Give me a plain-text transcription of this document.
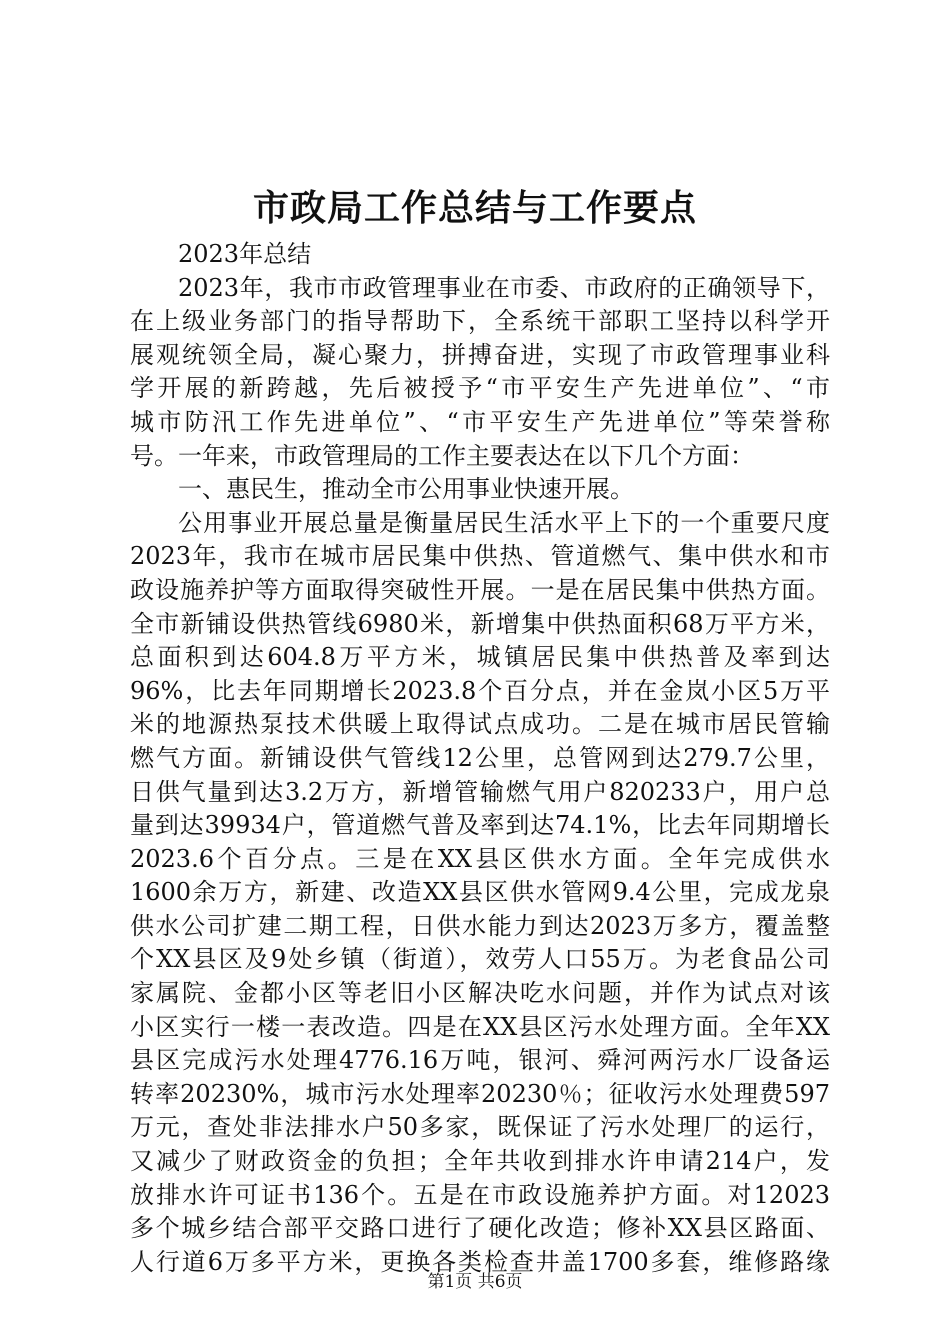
市政局工作总结与工作要点
2023年总结
2023年，我市市政管理事业在市委、市政府的正确领导下，
在上级业务部门的指导帮助下，全系统干部职工坚持以科学开
展观统领全局，凝心聚力，拼搏奋进，实现了市政管理事业科
学开展的新跨越，先后被授予“市平安生产先进单位”、“市
城市防汛工作先进单位”、“市平安生产先进单位”等荣誉称
号。一年来，市政管理局的工作主要表达在以下几个方面：
一、惠民生，推动全市公用事业快速开展。
公用事业开展总量是衡量居民生活水平上下的一个重要尺度
2023年，我市在城市居民集中供热、管道燃气、集中供水和市
政设施养护等方面取得突破性开展。一是在居民集中供热方面。
全市新铺设供热管线6980米，新增集中供热面积68万平方米，
总面积到达604.8万平方米，城镇居民集中供热普及率到达
96%，比去年同期增长2023.8个百分点，并在金岚小区5万平
米的地源热泵技术供暖上取得试点成功。二是在城市居民管输
燃气方面。新铺设供气管线12公里，总管网到达279.7公里，
日供气量到达3.2万方，新增管输燃气用户820233户，用户总
量到达39934户，管道燃气普及率到达74.1%，比去年同期增长
2023.6个百分点。三是在XX县区供水方面。全年完成供水
1600余万方，新建、改造XX县区供水管网9.4公里，完成龙泉
供水公司扩建二期工程，日供水能力到达2023万多方，覆盖整
个XX县区及9处乡镇（街道），效劳人口55万。为老食品公司
家属院、金都小区等老旧小区解决吃水问题，并作为试点对该
小区实行一楼一表改造。四是在XX县区污水处理方面。全年XX
县区完成污水处理4776.16万吨，银河、舜河两污水厂设备运
转率20230%，城市污水处理率20230％；征收污水处理费597
万元，查处非法排水户50多家，既保证了污水处理厂的运行，
又减少了财政资金的负担；全年共收到排水许申请214户，发
放排水许可证书136个。五是在市政设施养护方面。对12023
多个城乡结合部平交路口进行了硬化改造；修补XX县区路面、
人行道6万多平方米，更换各类检查井盖1700多套，维修路缘
第1页 共6页
